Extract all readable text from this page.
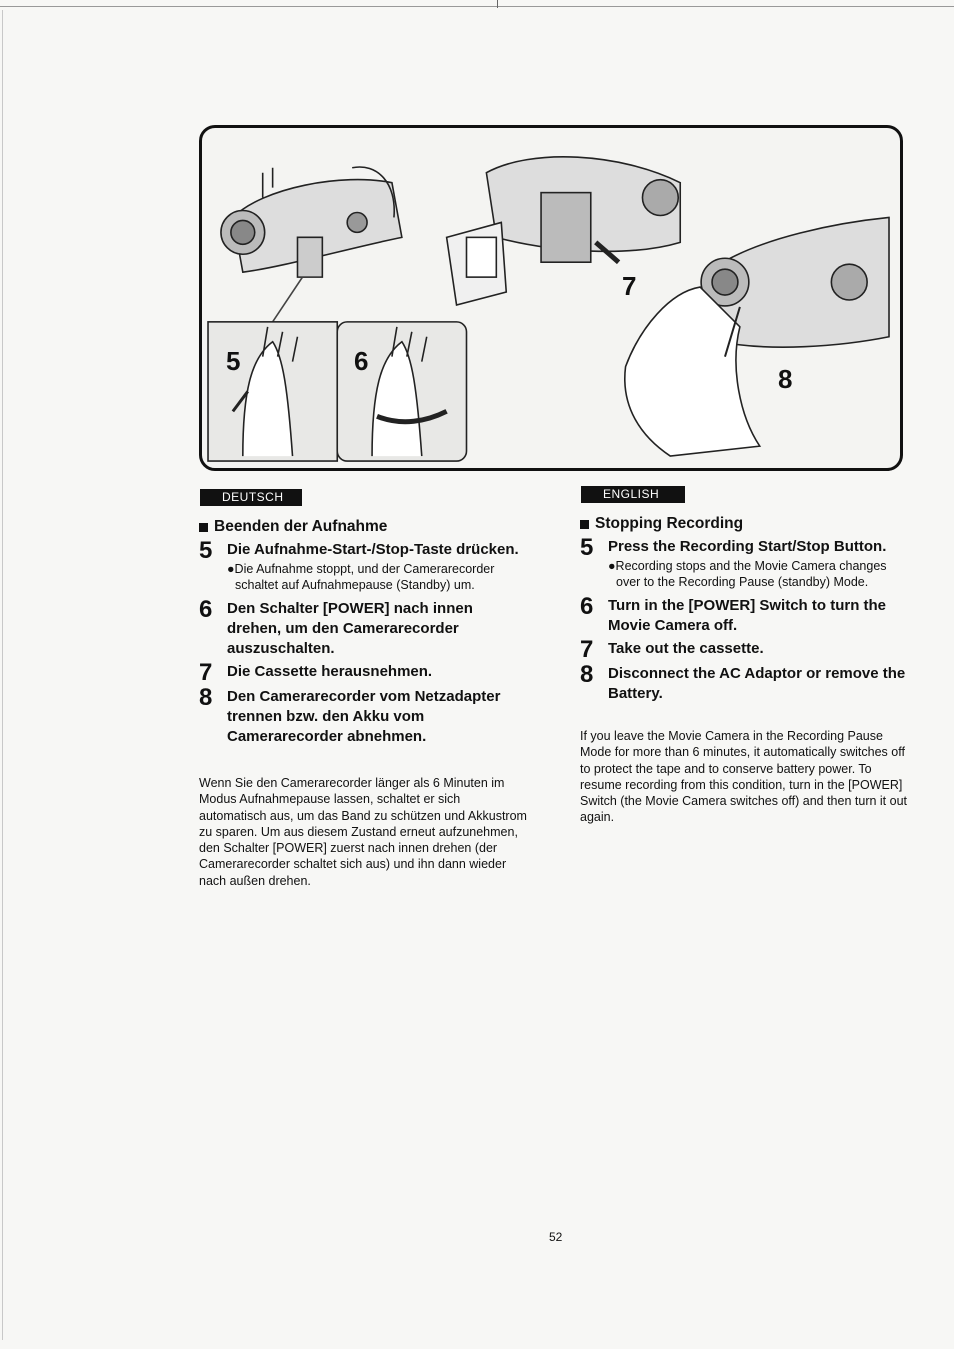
5	6
7
8
DEUTSCH	ENGLISH
Beenden der Aufnahme
5 Die Aufnahme-Start-/Stop-Taste drücken.
●Die Aufnahme stoppt, und der Camerarecorder schaltet auf Aufnahmepause (Standby) um.
6 Den Schalter [POWER] nach innen drehen, um den Camerarecorder auszuschalten.
7 Die Cassette herausnehmen.
8 Den Camerarecorder vom Netzadapter trennen bzw. den Akku vom Camerarecorder abnehmen.
Wenn Sie den Camerarecorder länger als 6 Minuten im Modus Aufnahmepause lassen, schaltet er sich automatisch aus, um das Band zu schützen und Akkustrom zu sparen. Um aus diesem Zustand erneut aufzunehmen, den Schalter [POWER] zuerst nach innen drehen (der Camerarecorder schaltet sich aus) und ihn dann wieder nach außen drehen.
Stopping Recording
5 Press the Recording Start/Stop Button.
●Recording stops and the Movie Camera changes over to the Recording Pause (standby) Mode.
6 Turn in the [POWER] Switch to turn the Movie Camera off.
7 Take out the cassette.
8 Disconnect the AC Adaptor or remove the Battery.
If you leave the Movie Camera in the Recording Pause Mode for more than 6 minutes, it automatically switches off to protect the tape and to conserve battery power. To resume recording from this condition, turn in the [POWER] Switch (the Movie Camera switches off) and then turn it out again.
52
